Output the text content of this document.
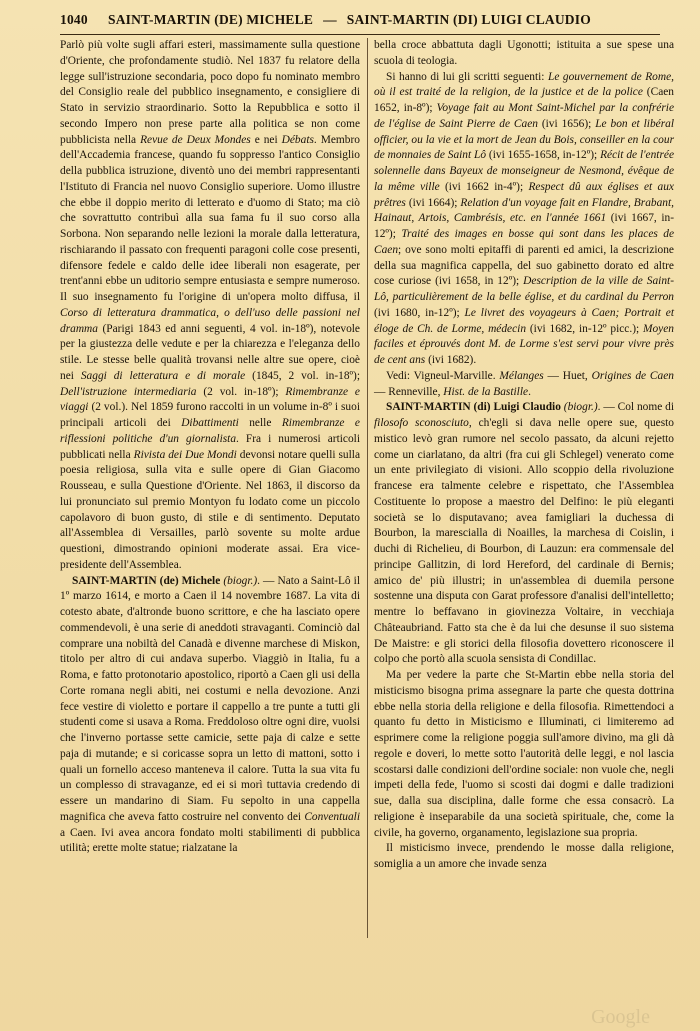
1040	SAINT-MARTIN (DE) MICHELE — SAINT-MARTIN (DI) LUIGI CLAUDIO

Parlò più volte sugli affari esteri, massimamente sulla questione d'Oriente, che profondamente studiò. Nel 1837 fu relatore della legge sull'istruzione secondaria, poco dopo fu nominato membro del Consiglio reale del pubblico insegnamento, e consigliere di Stato in servizio straordinario. Sotto la Repubblica e sotto il secondo Impero non prese parte alla politica se non come pubblicista nella Revue de Deux Mondes e nei Débats. Membro dell'Accademia francese, quando fu soppresso l'antico Consiglio della pubblica istruzione, diventò uno dei membri rappresentanti l'Istituto di Francia nel nuovo Consiglio superiore. Uomo illustre che ebbe il doppio merito di letterato e d'uomo di Stato; ma ciò che sovrattutto contribuì alla sua fama fu il suo corso alla Sorbona. Non separando nelle lezioni la morale dalla letteratura, rischiarando il passato con frequenti paragoni colle cose presenti, difensore fedele e caldo delle idee liberali non esagerate, per trent'anni ebbe un uditorio sempre entusiasta e sempre numeroso. Il suo insegnamento fu l'origine di un'opera molto diffusa, il Corso di letteratura drammatica, o dell'uso delle passioni nel dramma (Parigi 1843 ed anni seguenti, 4 vol. in-18º), notevole per la giustezza delle vedute e per la chiarezza e l'eleganza dello stile. Le stesse belle qualità trovansi nelle altre sue opere, cioè nei Saggi di letteratura e di morale (1845, 2 vol. in-18º); Dell'istruzione intermediaria (2 vol. in-18º); Rimembranze e viaggi (2 vol.). Nel 1859 furono raccolti in un volume in-8º i suoi principali articoli dei Dibattimenti nelle Rimembranze e riflessioni politiche d'un giornalista. Fra i numerosi articoli pubblicati nella Rivista dei Due Mondi devonsi notare quelli sulla poesia religiosa, sulla vita e sulle opere di Gian Giacomo Rousseau, e sulla Questione d'Oriente. Nel 1863, il discorso da lui pronunciato sul premio Montyon fu lodato come un piccolo capolavoro di buon gusto, di stile e di sentimento. Deputato all'Assemblea di Versailles, parlò sovente su molte ardue questioni, dimostrando opinioni moderate assai. Era vice-presidente dell'Assemblea.

SAINT-MARTIN (de) Michele (biogr.). — Nato a Saint-Lô il 1º marzo 1614, e morto a Caen il 14 novembre 1687. La vita di cotesto abate, d'altronde buono scrittore, e che ha lasciato opere commendevoli, è una serie di aneddoti stravaganti. Cominciò dal comprare una nobiltà del Canadà e divenne marchese di Miskon, titolo per altro di cui andava superbo. Viaggiò in Italia, fu a Roma, e fatto protonotario apostolico, riportò a Caen gli usi della Corte romana negli abiti, nei costumi e nella devozione. Anzi fece vestire di violetto e portare il cappello a tre punte a tutti gli studenti come si usava a Roma. Freddoloso oltre ogni dire, vuolsi che l'inverno portasse sette camicie, sette paja di calze e sette paja di mutande; e si coricasse sopra un letto di mattoni, sotto i quali un fornello acceso manteneva il calore. Tutta la sua vita fu un complesso di stravaganze, ed ei si morì tuttavia credendo di essere un mandarino di Siam. Fu sepolto in una cappella magnifica che aveva fatto costruire nel convento dei Conventuali a Caen. Ivi avea ancora fondato molti stabilimenti di pubblica utilità; erette molte statue; rialzatane la

bella croce abbattuta dagli Ugonotti; istituita a sue spese una scuola di teologia.

Si hanno di lui gli scritti seguenti: Le gouvernement de Rome, où il est traité de la religion, de la justice et de la police (Caen 1652, in-8º); Voyage fait au Mont Saint-Michel par la confrérie de l'église de Saint Pierre de Caen (ivi 1656); Le bon et libéral officier, ou la vie et la mort de Jean du Bois, conseiller en la cour de monnaies de Saint Lô (ivi 1655-1658, in-12º); Récit de l'entrée solennelle dans Bayeux de monseigneur de Nesmond, évêque de la même ville (ivi 1662 in-4º); Respect dû aux églises et aux prêtres (ivi 1664); Relation d'un voyage fait en Flandre, Brabant, Hainaut, Artois, Cambrésis, etc. en l'année 1661 (ivi 1667, in-12º); Traité des images en bosse qui sont dans les places de Caen; ove sono molti epitaffi di parenti ed amici, la descrizione della sua magnifica cappella, del suo gabinetto dorato ed altre cose curiose (ivi 1658, in 12º); Description de la ville de Saint-Lô, particulièrement de la belle église, et du cardinal du Perron (ivi 1680, in-12º); Le livret des voyageurs à Caen; Portrait et éloge de Ch. de Lorme, médecin (ivi 1682, in-12º picc.); Moyen faciles et éprouvés dont M. de Lorme s'est servi pour vivre près de cent ans (ivi 1682).

Vedi: Vigneul-Marville. Mélanges — Huet, Origines de Caen — Renneville, Hist. de la Bastille.

SAINT-MARTIN (di) Luigi Claudio (biogr.). — Col nome di filosofo sconosciuto, ch'egli si dava nelle opere sue, questo mistico levò gran rumore nel secolo passato, da alcuni rejetto come un ciarlatano, da altri (fra cui gli Schlegel) venerato come un ente privilegiato di visioni. Allo scoppio della rivoluzione francese era talmente celebre e rispettato, che l'Assemblea Costituente lo propose a maestro del Delfino: le più eleganti società se lo disputavano; avea famigliari la duchessa di Bourbon, la marescialla di Noailles, la marchesa di Coislin, i duchi di Richelieu, di Bourbon, di Lauzun: era commensale del principe Gallitzin, di lord Hereford, del cardinale di Bernis; amico de' più illustri; in un'assemblea di duemila persone sostenne una disputa con Garat professore d'analisi dell'intelletto; mentre lo beffavano in giovinezza Voltaire, in vecchiaja Châteaubriand. Fatto sta che è da lui che desunse il suo sistema De Maistre: e gli storici della filosofia dovettero riconoscere il colpo che portò alla scuola sensista di Condillac.

Ma per vedere la parte che St-Martin ebbe nella storia del misticismo bisogna prima assegnare la parte che questa dottrina ebbe nella storia della religione e della filosofia. Rimettendoci a quanto fu detto in Misticismo e Illuminati, ci limiteremo ad esprimere come la religione poggia sull'amore divino, ma gli dà regole e doveri, lo mette sotto l'autorità delle leggi, e nol lascia scostarsi dalle condizioni dell'ordine sociale: non vuole che, negli impeti della fede, l'uomo si scosti dai dogmi e dalle tradizioni sue, dalla sua disciplina, dalle forme che essa consacrò. La religione è inseparabile da una società spirituale, che, come la civile, ha governo, organamento, legislazione sua propria.

Il misticismo invece, prendendo le mosse dalla religione, somiglia a un amore che invade senza

Google
